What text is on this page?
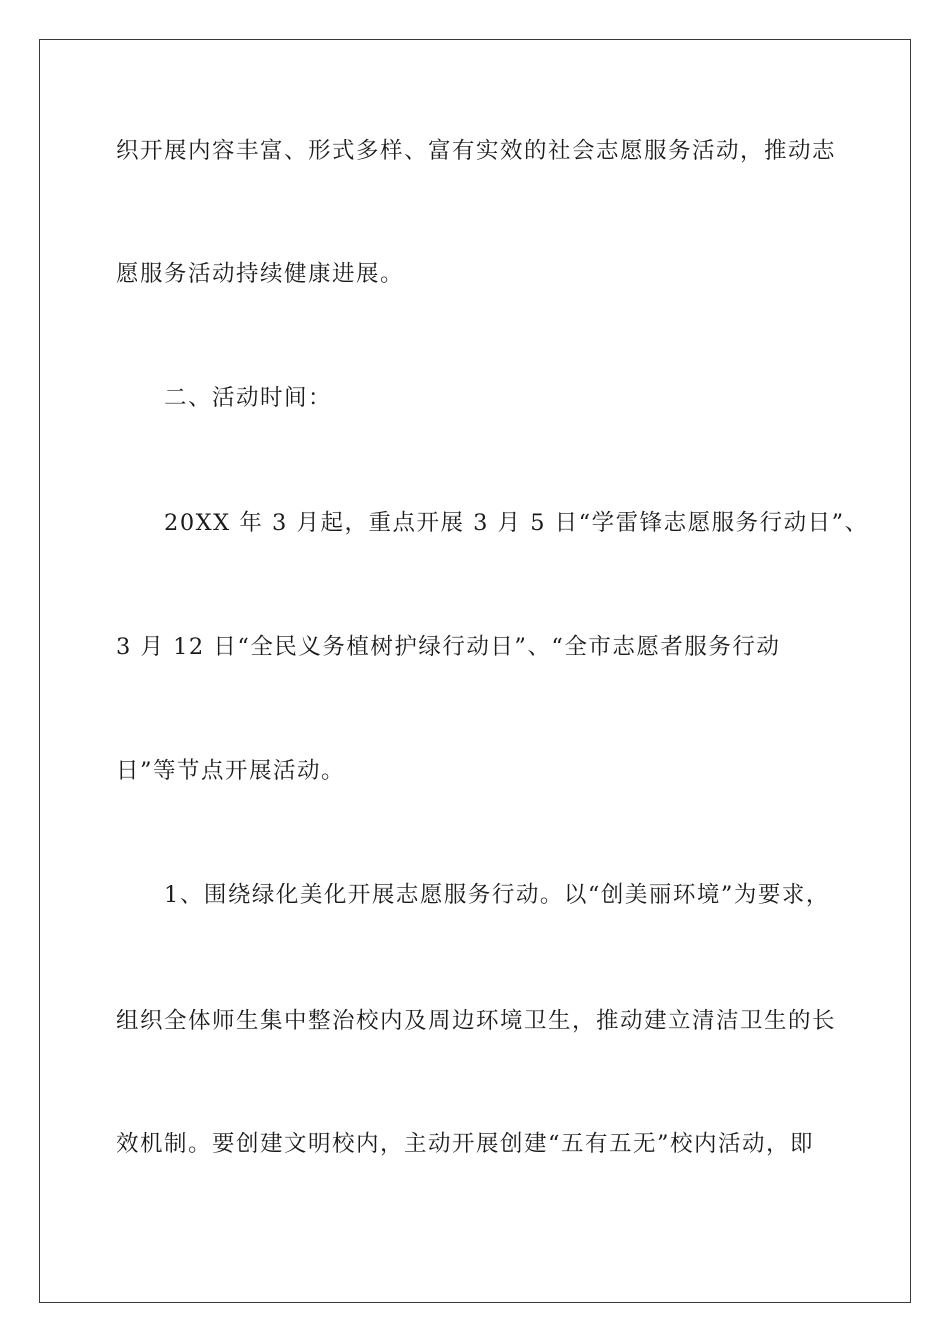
织开展内容丰富、形式多样、富有实效的社会志愿服务活动，推动志
愿服务活动持续健康进展。
二、活动时间：
20XX 年 3 月起，重点开展 3 月 5 日“学雷锋志愿服务行动日”、
3 月 12 日“全民义务植树护绿行动日”、“全市志愿者服务行动
日”等节点开展活动。
1、围绕绿化美化开展志愿服务行动。以“创美丽环境”为要求，
组织全体师生集中整治校内及周边环境卫生，推动建立清洁卫生的长
效机制。要创建文明校内，主动开展创建“五有五无”校内活动，即
